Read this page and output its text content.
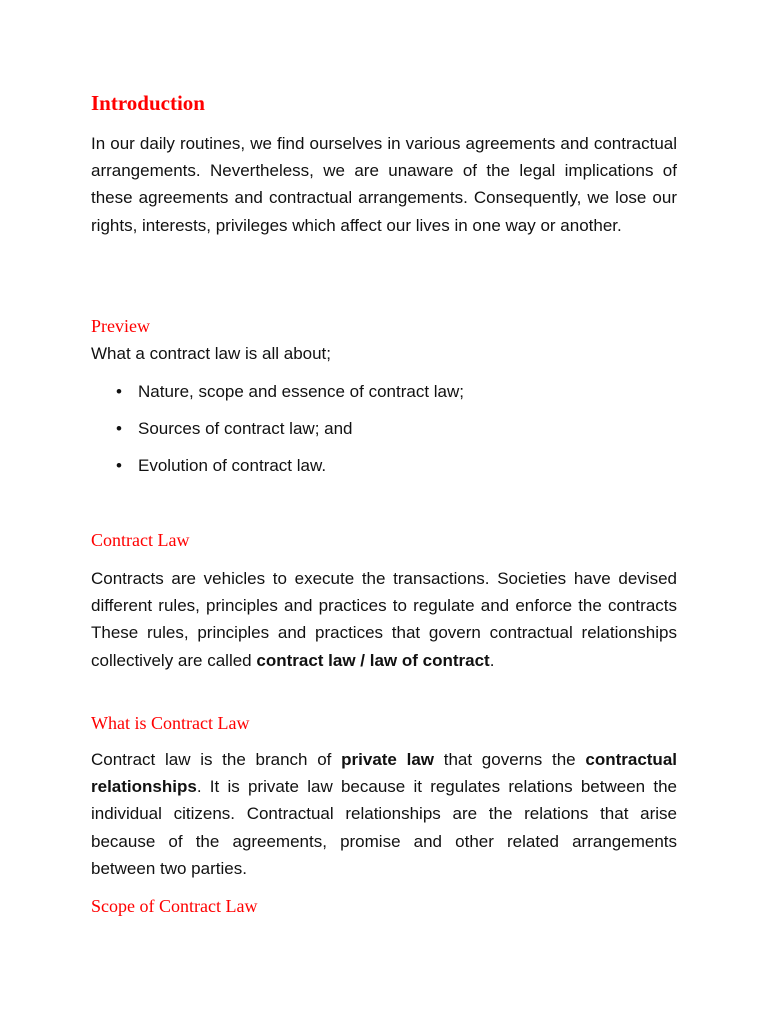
Introduction

In our daily routines, we find ourselves in various agreements and contractual arrangements. Nevertheless, we are unaware of the legal implications of these agreements and contractual arrangements. Consequently, we lose our rights, interests, privileges which affect our lives in one way or another.

Preview

What a contract law is all about;

• Nature, scope and essence of contract law;
• Sources of contract law; and
• Evolution of contract law.
Contract Law

Contracts are vehicles to execute the transactions. Societies have devised different rules, principles and practices to regulate and enforce the contracts These rules, principles and practices that govern contractual relationships collectively are called contract law / law of contract.

What is Contract Law

Contract law is the branch of private law that governs the contractual relationships. It is private law because it regulates relations between the individual citizens. Contractual relationships are the relations that arise because of the agreements, promise and other related arrangements between two parties.

Scope of Contract Law
